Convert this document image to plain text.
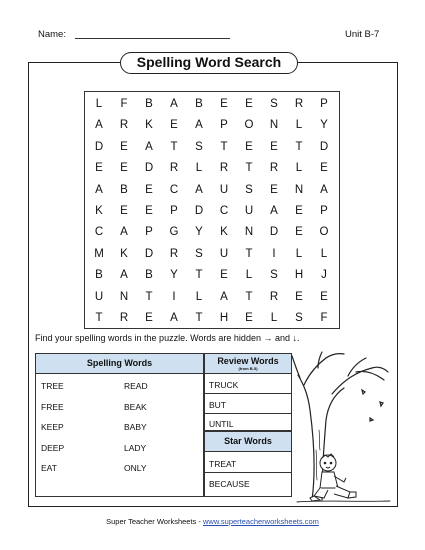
Name:	Unit B-7
Spelling Word Search
L	F	B	A	B	E	E	S	R	P
A	R	K	E	A	P	O	N	L	Y
D	E	A	T	S	T	E	E	T	D
E	E	D	R	L	R	T	R	L	E
A	B	E	C	A	U	S	E	N	A
K	E	E	P	D	C	U	A	E	P
C	A	P	G	Y	K	N	D	E	O
M	K	D	R	S	U	T	I	L	L
B	A	B	Y	T	E	L	S	H	J
U	N	T	I	L	A	T	R	E	E
T	R	E	A	T	H	E	L	S	F
Find your spelling words in the puzzle. Words are hidden → and ↓.
Spelling Words
TREE
FREE
KEEP
DEEP
EAT
READ
BEAK
BABY
LADY
ONLY
Review Words
(from B-5)
TRUCK
BUT
UNTIL
Star Words
TREAT
BECAUSE
Super Teacher Worksheets - www.superteacherworksheets.com
